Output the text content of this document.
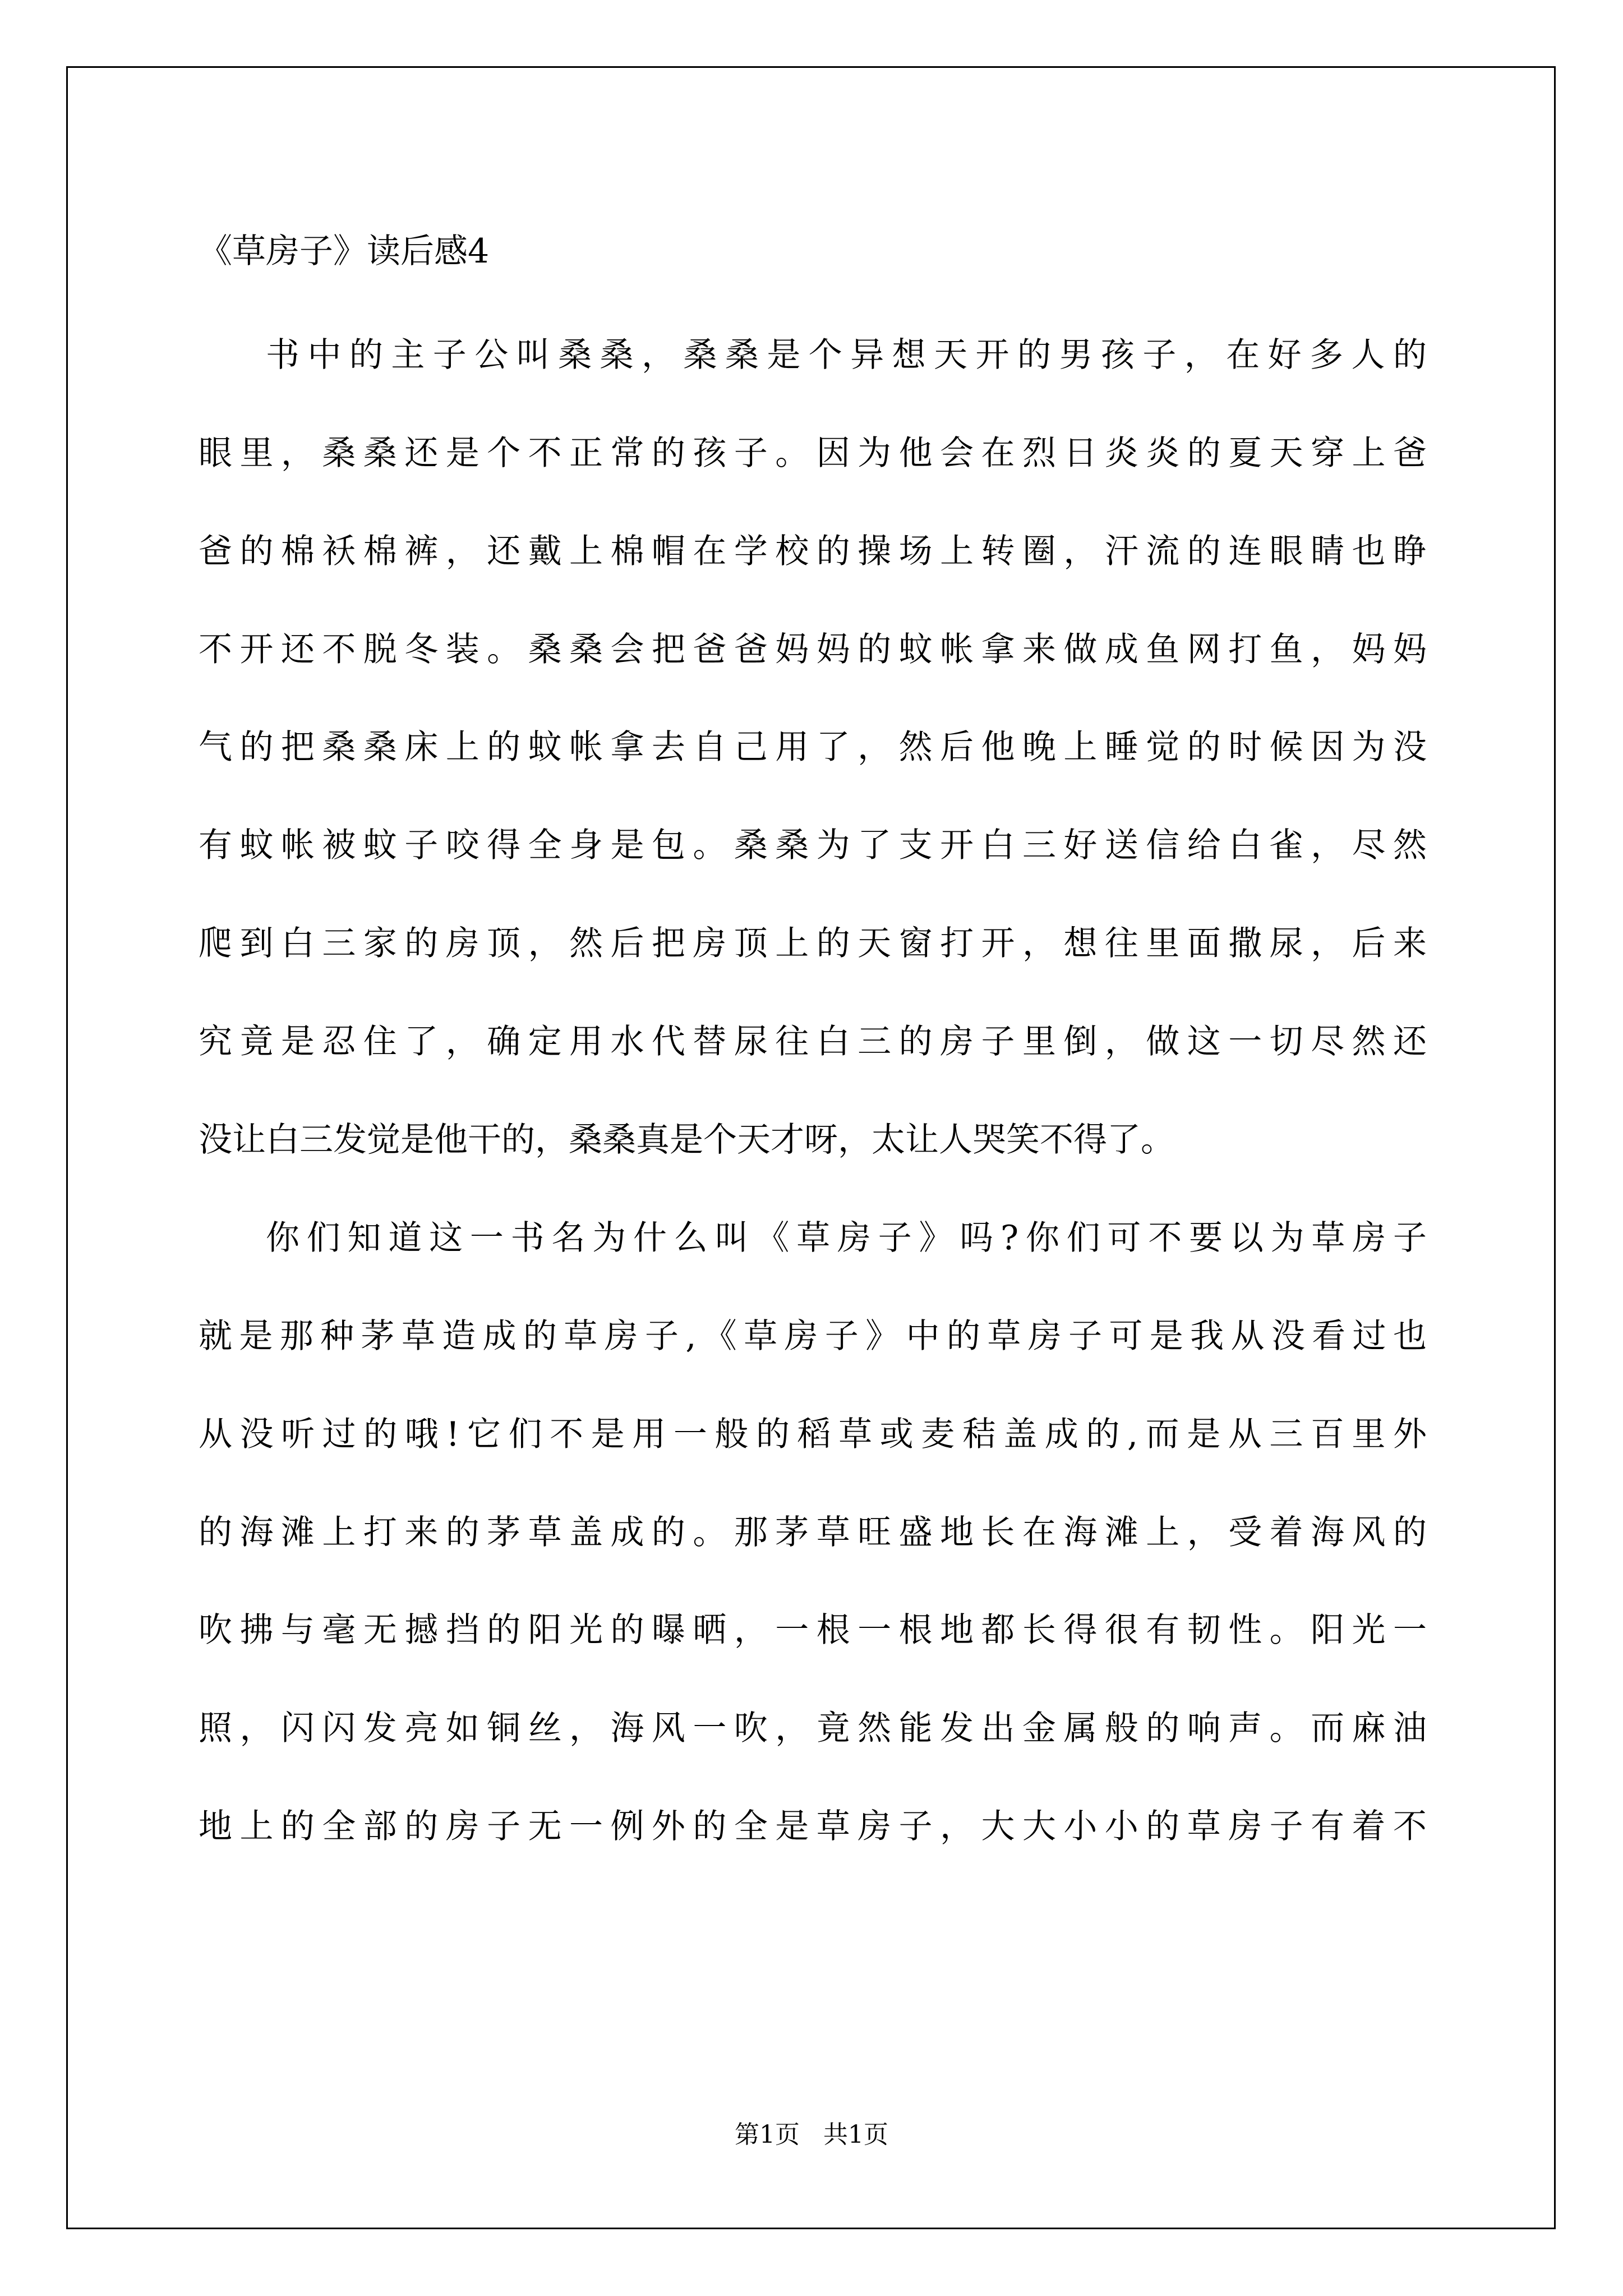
《草房子》读后感4
书中的主子公叫桑桑，桑桑是个异想天开的男孩子，在好多人的
眼里，桑桑还是个不正常的孩子。因为他会在烈日炎炎的夏天穿上爸
爸的棉袄棉裤，还戴上棉帽在学校的操场上转圈，汗流的连眼睛也睁
不开还不脱冬装。桑桑会把爸爸妈妈的蚊帐拿来做成鱼网打鱼，妈妈
气的把桑桑床上的蚊帐拿去自己用了，然后他晚上睡觉的时候因为没
有蚊帐被蚊子咬得全身是包。桑桑为了支开白三好送信给白雀，尽然
爬到白三家的房顶，然后把房顶上的天窗打开，想往里面撒尿，后来
究竟是忍住了，确定用水代替尿往白三的房子里倒，做这一切尽然还
没让白三发觉是他干的，桑桑真是个天才呀，太让人哭笑不得了。
你们知道这一书名为什么叫《草房子》吗?你们可不要以为草房子
就是那种茅草造成的草房子,《草房子》中的草房子可是我从没看过也
从没听过的哦!它们不是用一般的稻草或麦秸盖成的,而是从三百里外
的海滩上打来的茅草盖成的。那茅草旺盛地长在海滩上，受着海风的
吹拂与毫无撼挡的阳光的曝晒，一根一根地都长得很有韧性。阳光一
照，闪闪发亮如铜丝，海风一吹，竟然能发出金属般的响声。而麻油
地上的全部的房子无一例外的全是草房子，大大小小的草房子有着不
第1页   共1页
